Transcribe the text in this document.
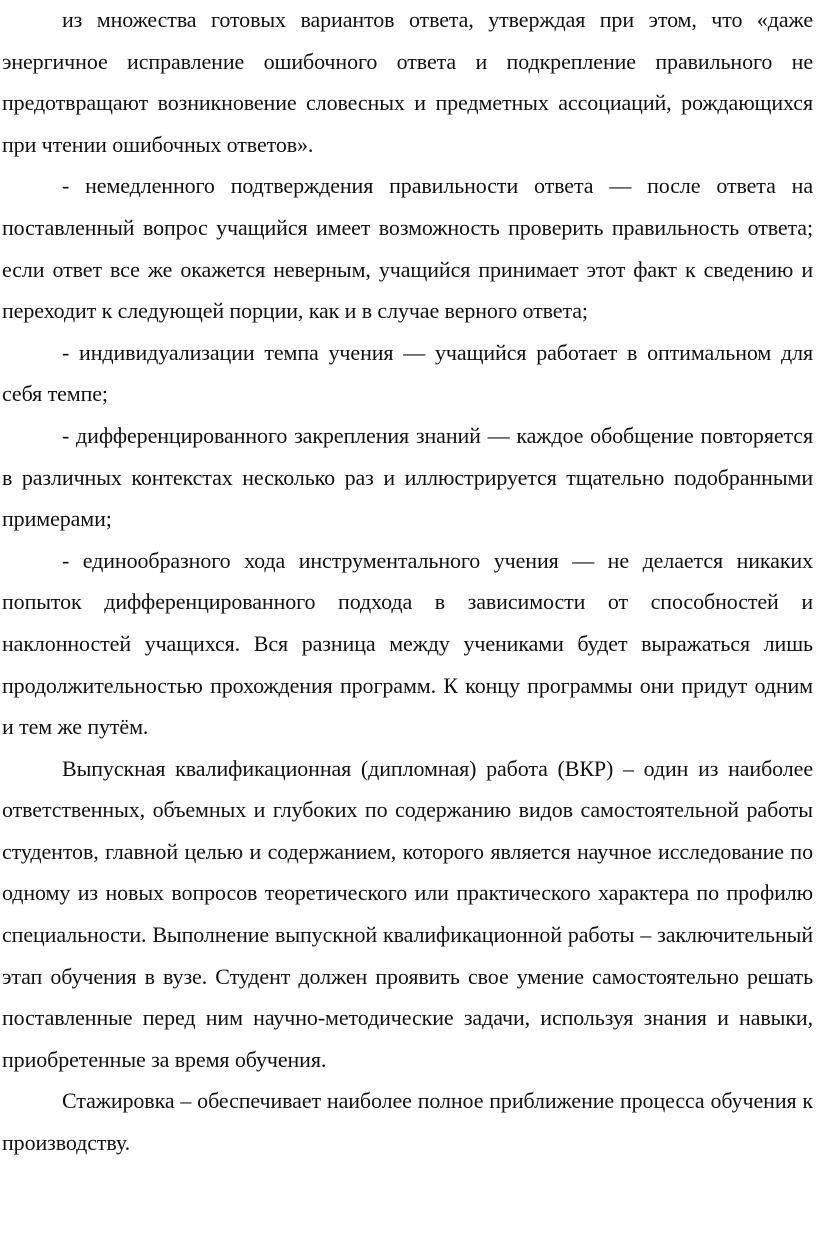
из множества готовых вариантов ответа, утверждая при этом, что «даже энергичное исправление ошибочного ответа и подкрепление правильного не предотвращают возникновение словесных и предметных ассоциаций, рождающихся при чтении ошибочных ответов».

- немедленного подтверждения правильности ответа — после ответа на поставленный вопрос учащийся имеет возможность проверить правильность ответа; если ответ все же окажется неверным, учащийся принимает этот факт к сведению и переходит к следующей порции, как и в случае верного ответа;

- индивидуализации темпа учения — учащийся работает в оптимальном для себя темпе;

- дифференцированного закрепления знаний — каждое обобщение повторяется в различных контекстах несколько раз и иллюстрируется тщательно подобранными примерами;

- единообразного хода инструментального учения — не делается никаких попыток дифференцированного подхода в зависимости от способностей и наклонностей учащихся. Вся разница между учениками будет выражаться лишь продолжительностью прохождения программ. К концу программы они придут одним и тем же путём.

Выпускная квалификационная (дипломная) работа (ВКР) – один из наиболее ответственных, объемных и глубоких по содержанию видов самостоятельной работы студентов, главной целью и содержанием, которого является научное исследование по одному из новых вопросов теоретического или практического характера по профилю специальности. Выполнение выпускной квалификационной работы – заключительный этап обучения в вузе. Студент должен проявить свое умение самостоятельно решать поставленные перед ним научно-методические задачи, используя знания и навыки, приобретенные за время обучения.

Стажировка – обеспечивает наиболее полное приближение процесса обучения к производству.
